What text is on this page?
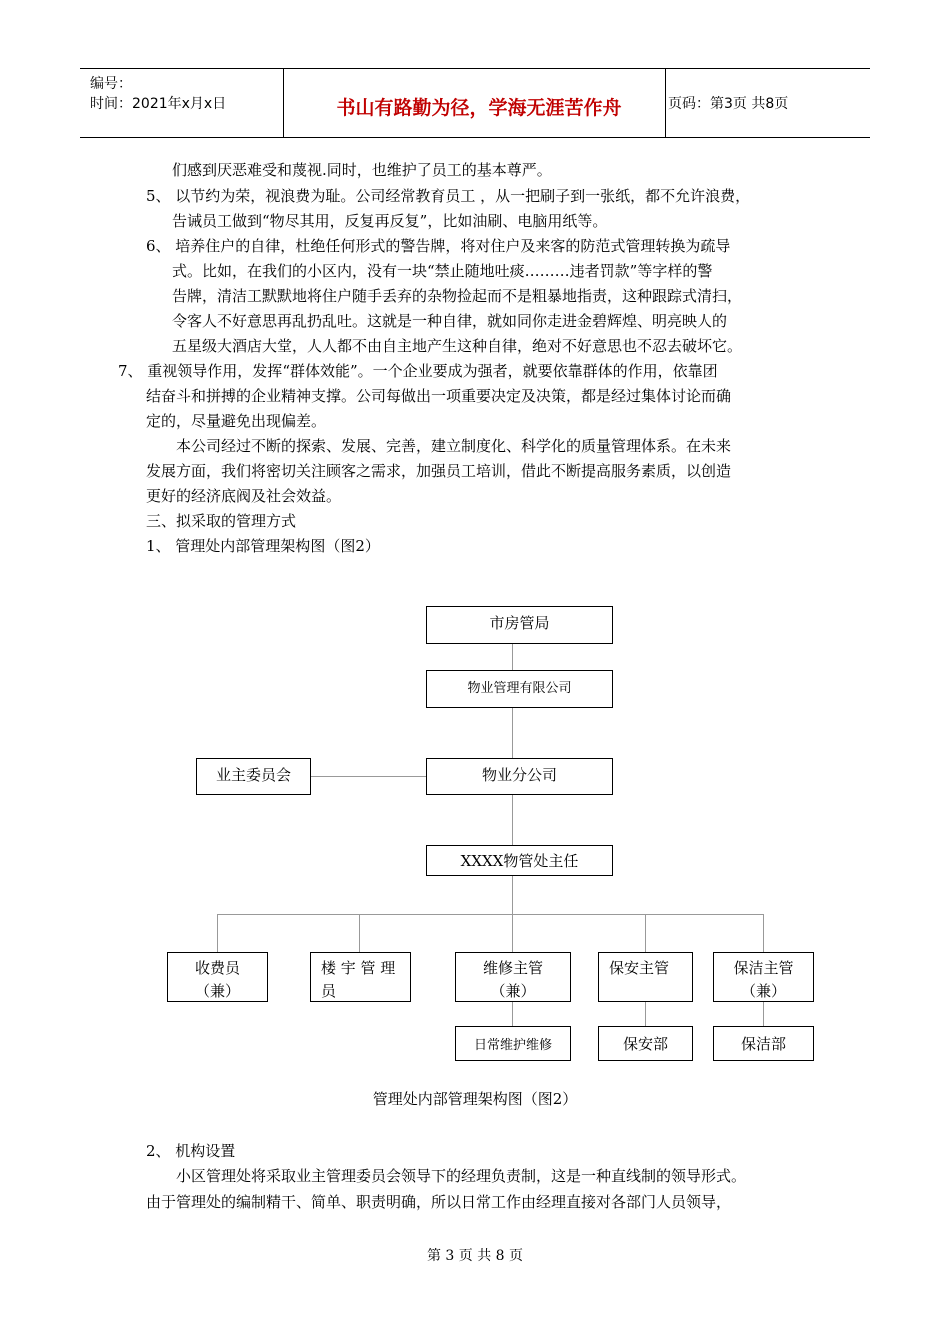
编号：
时间：2021年x月x日	书山有路勤为径，学海无涯苦作舟	页码：第3页 共8页
们感到厌恶难受和蔑视.同时，也维护了员工的基本尊严。
5、 以节约为荣，视浪费为耻。公司经常教育员工 ，从一把刷子到一张纸，都不允许浪费，
告诫员工做到“物尽其用，反复再反复”，比如油刷、电脑用纸等。
6、 培养住户的自律，杜绝任何形式的警告牌，将对住户及来客的防范式管理转换为疏导
式。比如，在我们的小区内，没有一块“禁止随地吐痰………违者罚款”等字样的警
告牌，清洁工默默地将住户随手丢弃的杂物捡起而不是粗暴地指责，这种跟踪式清扫，
令客人不好意思再乱扔乱吐。这就是一种自律，就如同你走进金碧辉煌、明亮映人的
五星级大酒店大堂，人人都不由自主地产生这种自律，绝对不好意思也不忍去破坏它。
7、 重视领导作用，发挥“群体效能”。一个企业要成为强者，就要依靠群体的作用，依靠团
结奋斗和拼搏的企业精神支撑。公司每做出一项重要决定及决策，都是经过集体讨论而确
定的，尽量避免出现偏差。
本公司经过不断的探索、发展、完善，建立制度化、科学化的质量管理体系。在未来
发展方面，我们将密切关注顾客之需求，加强员工培训，借此不断提高服务素质，以创造
更好的经济底阀及社会效益。
三、拟采取的管理方式
1、 管理处内部管理架构图（图2）
市房管局
物业管理有限公司
业主委员会	物业分公司
XXXX物管处主任
收费员
（兼）
楼 宇 管 理
员
维修主管
（兼）
保安主管	保洁主管
（兼）
日常维护维修	保安部	保洁部
管理处内部管理架构图（图2）
2、 机构设置
小区管理处将采取业主管理委员会领导下的经理负责制，这是一种直线制的领导形式。
由于管理处的编制精干、简单、职责明确，所以日常工作由经理直接对各部门人员领导，
第 3 页 共 8 页
